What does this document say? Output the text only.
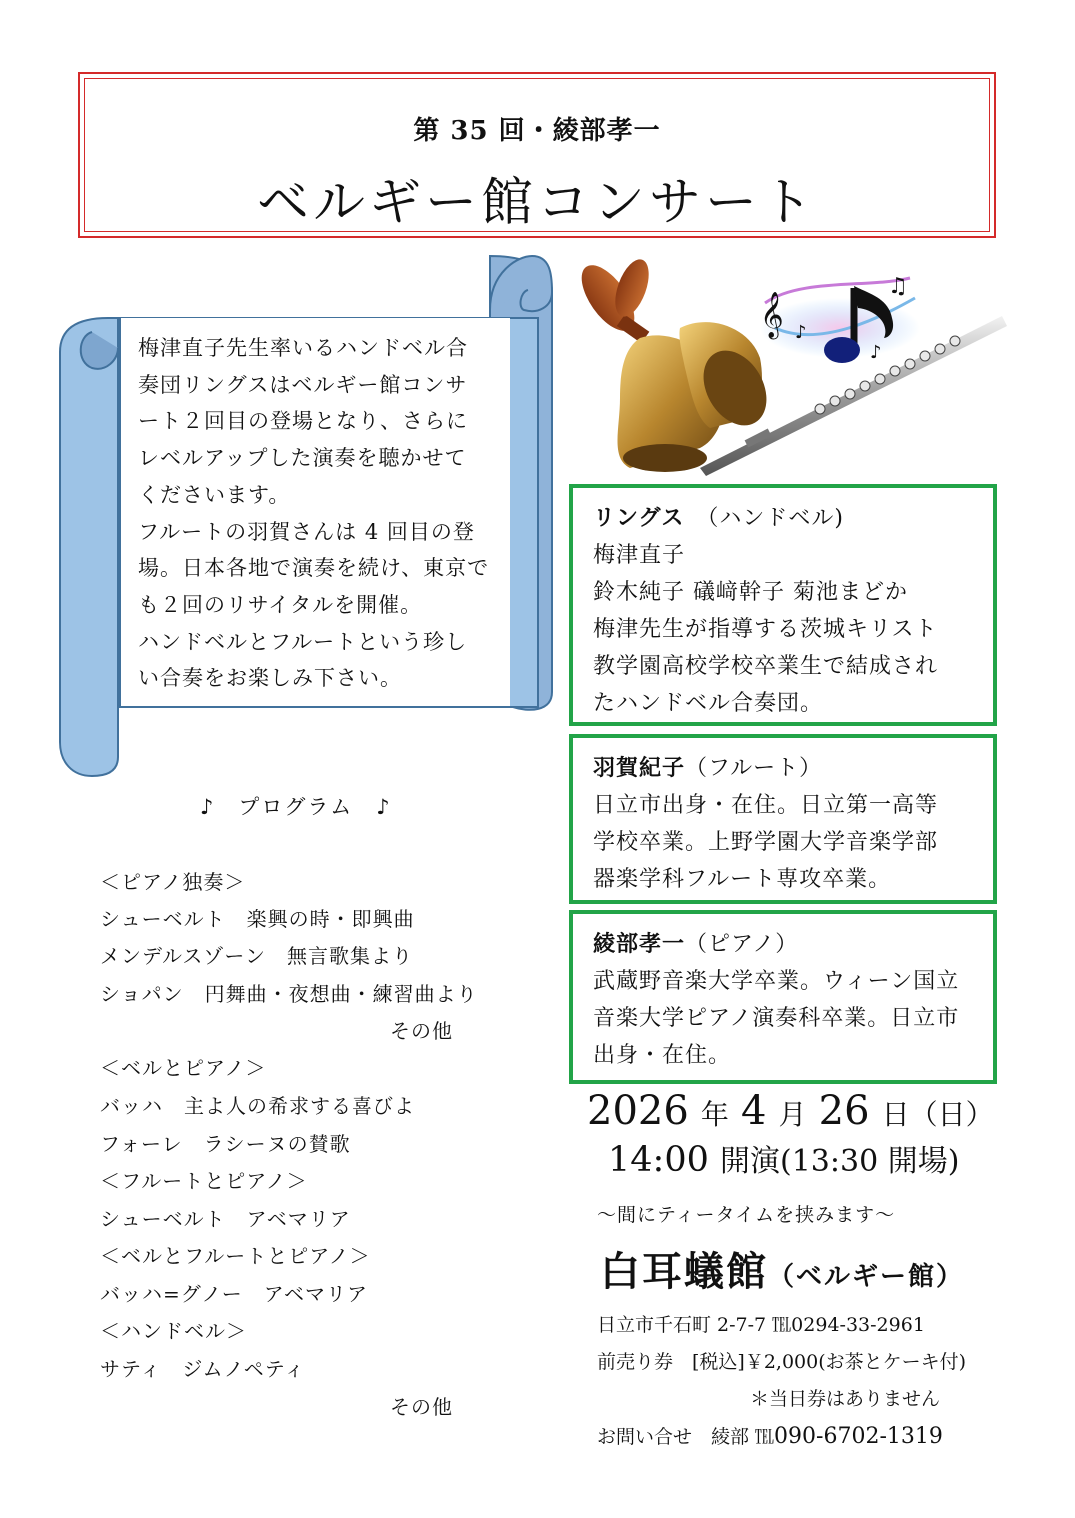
第 35 回・綾部孝一
ベルギー館コンサート

梅津直子先生率いるハンドベル合

奏団リングスはベルギー館コンサ

ート２回目の登場となり、さらに

レベルアップした演奏を聴かせて

くださいます。

フルートの羽賀さんは 4 回目の登

場。日本各地で演奏を続け、東京で

も２回のリサイタルを開催。

ハンドベルとフルートという珍し

い合奏をお楽しみ下さい。

𝄞
♫
♪
♪
♪　プログラム　♪
＜ピアノ独奏＞
シューベルト　楽興の時・即興曲
メンデルスゾーン　無言歌集より
ショパン　円舞曲・夜想曲・練習曲より
その他
＜ベルとピアノ＞
バッハ　主よ人の希求する喜びよ
フォーレ　ラシーヌの賛歌
＜フルートとピアノ＞
シューベルト　アベマリア
＜ベルとフルートとピアノ＞
バッハ=グノー　アベマリア
＜ハンドベル＞
サティ　ジムノペティ
その他

リングス　 （ハンドベル)

梅津直子

鈴木純子 礒﨑幹子 菊池まどか

梅津先生が指導する茨城キリスト

教学園高校学校卒業生で結成され

たハンドベル合奏団。

羽賀紀子（フルート）

日立市出身・在住。日立第一高等

学校卒業。上野学園大学音楽学部

器楽学科フルート専攻卒業。

綾部孝一（ピアノ）

武蔵野音楽大学卒業。ウィーン国立

音楽大学ピアノ演奏科卒業。日立市

出身・在住。

2026 年 4 月 26 日（日）
14:00 開演(13:30 開場)
～間にティータイムを挟みます～
白耳蟻館（ベルギー館）
日立市千石町 2-7-7 ℡0294-33-2961
前売り券　[税込]￥2,000(お茶とケーキ付)
＊当日券はありません
お問い合せ　綾部 ℡090-6702-1319
